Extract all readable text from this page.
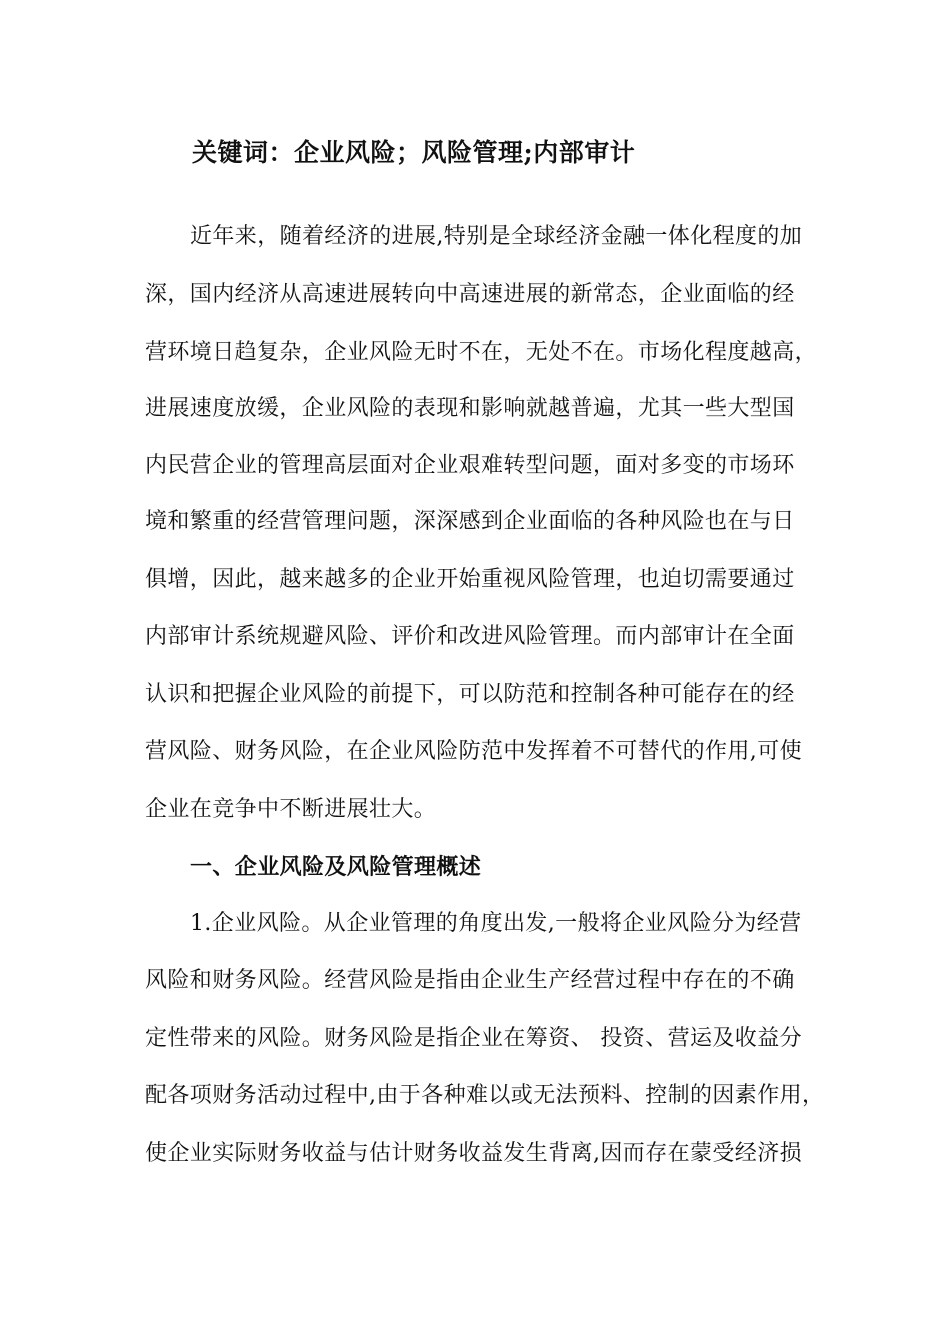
关键词：企业风险；风险管理;内部审计
近年来，随着经济的进展,特别是全球经济金融一体化程度的加
深，国内经济从高速进展转向中高速进展的新常态，企业面临的经
营环境日趋复杂，企业风险无时不在，无处不在。市场化程度越高，
进展速度放缓，企业风险的表现和影响就越普遍，尤其一些大型国
内民营企业的管理高层面对企业艰难转型问题，面对多变的市场环
境和繁重的经营管理问题，深深感到企业面临的各种风险也在与日
俱增，因此，越来越多的企业开始重视风险管理，也迫切需要通过
内部审计系统规避风险、评价和改进风险管理。而内部审计在全面
认识和把握企业风险的前提下，可以防范和控制各种可能存在的经
营风险、财务风险，在企业风险防范中发挥着不可替代的作用,可使
企业在竞争中不断进展壮大。
一、企业风险及风险管理概述
1.企业风险。从企业管理的角度出发,一般将企业风险分为经营
风险和财务风险。经营风险是指由企业生产经营过程中存在的不确
定性带来的风险。财务风险是指企业在筹资、 投资、营运及收益分
配各项财务活动过程中,由于各种难以或无法预料、控制的因素作用，
使企业实际财务收益与估计财务收益发生背离,因而存在蒙受经济损
